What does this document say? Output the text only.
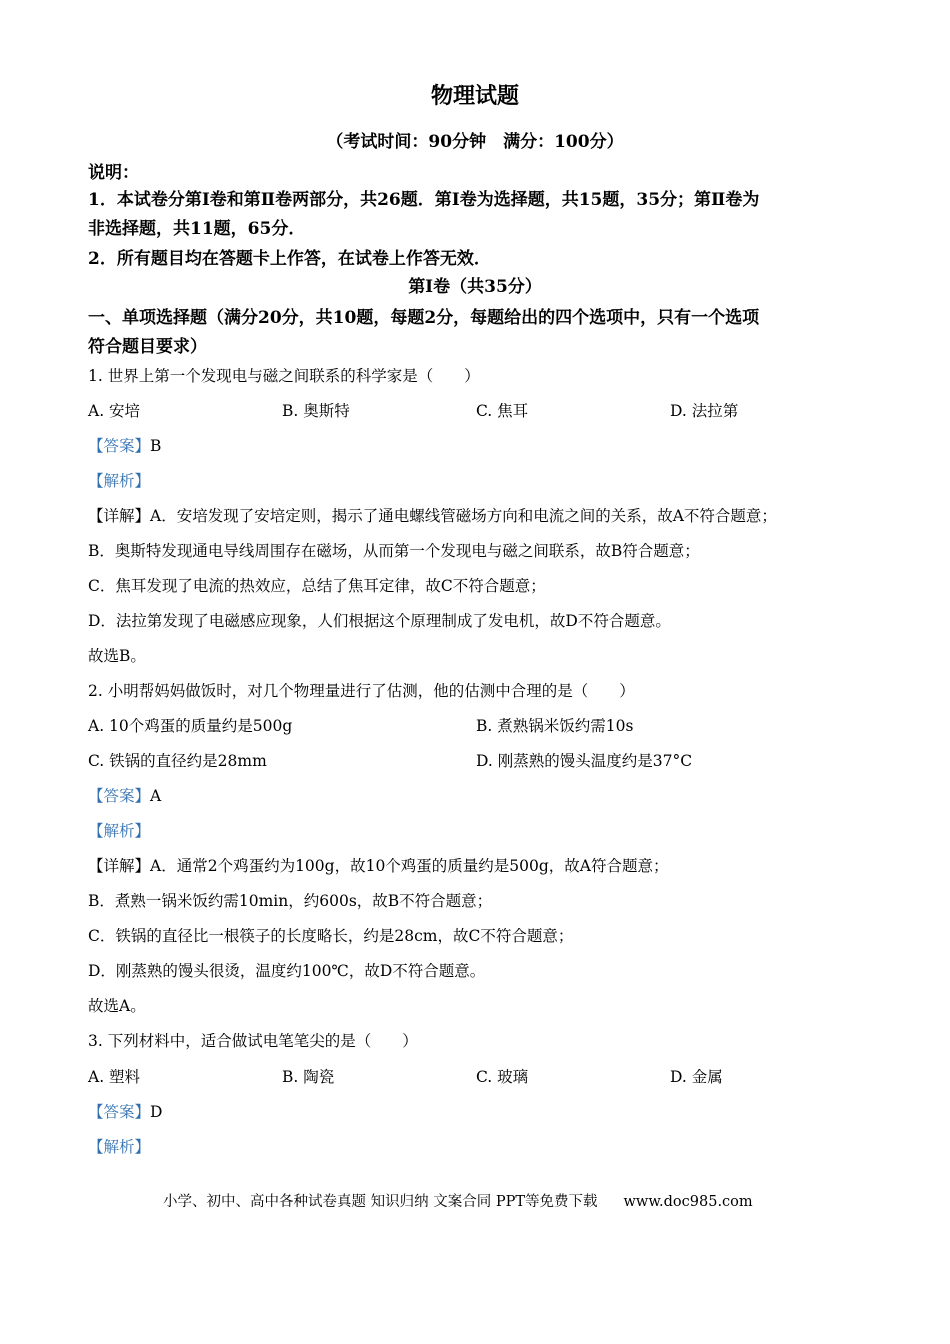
物理试题
（考试时间：90分钟　满分：100分）
说明：
1．本试卷分第Ⅰ卷和第Ⅱ卷两部分，共26题．第Ⅰ卷为选择题，共15题，35分；第Ⅱ卷为
非选择题，共11题，65分．
2．所有题目均在答题卡上作答，在试卷上作答无效．
第Ⅰ卷（共35分）
一、单项选择题（满分20分，共10题，每题2分，每题给出的四个选项中，只有一个选项
符合题目要求）
1. 世界上第一个发现电与磁之间联系的科学家是（　　）
A. 安培	B. 奥斯特	C. 焦耳	D. 法拉第
【答案】B
【解析】
【详解】A．安培发现了安培定则，揭示了通电螺线管磁场方向和电流之间的关系，故A不符合题意；
B．奥斯特发现通电导线周围存在磁场，从而第一个发现电与磁之间联系，故B符合题意；
C．焦耳发现了电流的热效应，总结了焦耳定律，故C不符合题意；
D．法拉第发现了电磁感应现象，人们根据这个原理制成了发电机，故D不符合题意。
故选B。
2. 小明帮妈妈做饭时，对几个物理量进行了估测，他的估测中合理的是（　　）
A. 10个鸡蛋的质量约是500g	B. 煮熟锅米饭约需10s
C. 铁锅的直径约是28mm	D. 刚蒸熟的馒头温度约是37°C
【答案】A
【解析】
【详解】A．通常2个鸡蛋约为100g，故10个鸡蛋的质量约是500g，故A符合题意；
B．煮熟一锅米饭约需10min，约600s，故B不符合题意；
C．铁锅的直径比一根筷子的长度略长，约是28cm，故C不符合题意；
D．刚蒸熟的馒头很烫，温度约100℃，故D不符合题意。
故选A。
3. 下列材料中，适合做试电笔笔尖的是（　　）
A. 塑料	B. 陶瓷	C. 玻璃	D. 金属
【答案】D
【解析】
小学、初中、高中各种试卷真题 知识归纳 文案合同 PPT等免费下载 www.doc985.com
